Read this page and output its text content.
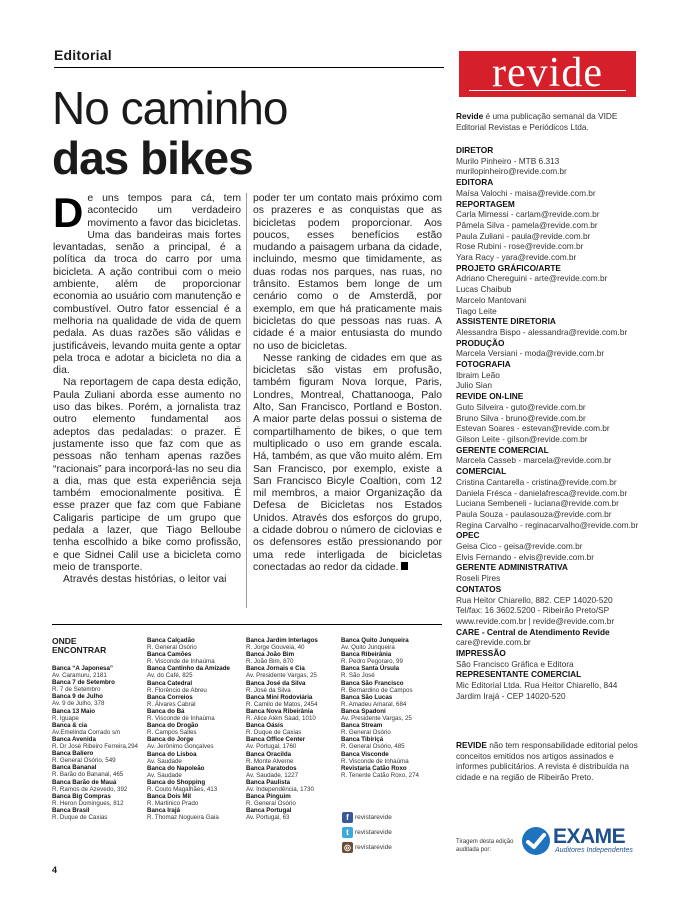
Editorial
No caminho
das bikes

De uns tempos para cá, tem acontecido um verdadeiro movimento a favor das bicicletas. Uma das bandeiras mais fortes levantadas, senão a principal, é a política da troca do carro por uma bicicleta. A ação contribui com o meio ambiente, além de proporcionar economia ao usuário com manutenção e combustível. Outro fator essencial é a melhoria na qualidade de vida de quem pedala. As duas razões são válidas e justificáveis, levando muita gente a optar pela troca e adotar a bicicleta no dia a dia.

Na reportagem de capa desta edição, Paula Zuliani aborda esse aumento no uso das bikes. Porém, a jornalista traz outro elemento fundamental aos adeptos das pedaladas: o prazer. É justamente isso que faz com que as pessoas não tenham apenas razões “racionais” para incorporá-las no seu dia a dia, mas que esta experiência seja também emocionalmente positiva. É esse prazer que faz com que Fabiane Caligaris participe de um grupo que pedala a lazer, que Tiago Belloube tenha escolhido a bike como profissão, e que Sidnei Calil use a bicicleta como meio de transporte.

Através destas histórias, o leitor vai

poder ter um contato mais próximo com os prazeres e as conquistas que as bicicletas podem proporcionar. Aos poucos, esses benefícios estão mudando a paisagem urbana da cidade, incluindo, mesmo que timidamente, as duas rodas nos parques, nas ruas, no trânsito. Estamos bem longe de um cenário como o de Amsterdã, por exemplo, em que há praticamente mais bicicletas do que pessoas nas ruas. A cidade é a maior entusiasta do mundo no uso de bicicletas.

Nesse ranking de cidades em que as bicicletas são vistas em profusão, também figuram Nova Iorque, Paris, Londres, Montreal, Chattanooga, Palo Alto, San Francisco, Portland e Boston. A maior parte delas possui o sistema de compartilhamento de bikes, o que tem multiplicado o uso em grande escala. Há, também, as que vão muito além. Em San Francisco, por exemplo, existe a San Francisco Bicyle Coaltion, com 12 mil membros, a maior Organização da Defesa de Bicicletas nos Estados Unidos. Através dos esforços do grupo, a cidade dobrou o número de ciclovias e os defensores estão pressionando por uma rede interligada de bicicletas conectadas ao redor da cidade.

ONDE ENCONTRAR
Banca “A Japonesa”
Av. Caramuru, 2181
Banca 7 de Setembro
R. 7 de Setembro
Banca 9 de Julho
Av. 9 de Julho, 378
Banca 13 Maio
R. Iguape
Banca & cia
Av.Emelinda Corrado s/n
Banca Avenida
R. Dr José Ribeiro Ferreira,294
Banca Baliero
R. General Osório, 549
Banca Bananal
R. Barão do Bananal, 465
Banca Barão de Mauá
R. Ramos de Azevedo, 392
Banca Big Compras
R. Heron Domingues, 812
Banca Brasil
R. Duque de Caxias
Banca Calçadão
R. General Osório
Banca Camões
R. Visconde de Inhaúma
Banca Cantinho da Amizade
Av. do Café, 825
Banca Catedral
R. Florêncio de Abreu
Banca Correios
R. Álvares Cabral
Banca do Bá
R. Visconde de Inhaúma
Banca do Drogão
R. Campos Salles
Banca do Jorge
Av. Jerônimo Gonçalves
Banca do Lisboa
Av. Saudade
Banca do Napoleão
Av. Saudade
Banca do Shopping
R. Couto Magalhães, 413
Banca Dois Mil
R. Martinico Prado
Banca Irajá
R. Thomaz Nogueira Gaia
Banca Jardim Interlagos
R. Jorge Gouveia, 40
Banca João Bim
R. João Bim, 870
Banca Jornais e Cia
Av. Presidente Vargas, 25
Banca José da Silva
R. José da Silva
Banca Mini Rodoviária
R. Camilo de Matos, 2454
Banca Nova Ribeirânia
R. Alice Além Saad, 1010
Banca Oásis
R. Duque de Caxias
Banca Office Center
Av. Portugal, 1760
Banca Oracilda
R. Monte Alverne
Banca Paratodos
Av. Saudade, 1227
Banca Paulista
Av. Independência, 1730
Banca Pinguim
R. General Osório
Banca Portugal
Av. Portugal, 63
Banca Quito Junqueira
Av. Quito Junqueira
Banca Ribeirânia
R. Pedro Pegoraro, 99
Banca Santa Úrsula
R. São José
Banca São Francisco
R. Bernardino de Campos
Banca São Lucas
R. Amadeu Amaral, 684
Banca Spadoni
Av. Presidente Vargas, 25
Banca Stream
R. General Osório
Banca Tibiriçá
R. General Osório, 485
Banca Visconde
R. Visconde de Inhaúma
Revistaria Catão Roxo
R. Tenente Catão Roxo, 274
f revistarevide
t revistarevide
◎ revistarevide
revide
Revide é uma publicação semanal da VIDE Editorial Revistas e Periódicos Ltda.
DIRETOR
Murilo Pinheiro - MTB 6.313
murilopinheiro@revide.com.br
EDITORA
Maísa Valochi - maisa@revide.com.br
REPORTAGEM
Carla Mimessi - carlam@revide.com.br
Pâmela Silva - pamela@revide.com.br
Paula Zuliani - paula@revide.com.br
Rose Rubini - rose@revide.com.br
Yara Racy - yara@revide.com.br
PROJETO GRÁFICO/ARTE
Adriano Chereguini - arte@revide.com.br
Lucas Chaibub
Marcelo Mantovani
Tiago Leite
ASSISTENTE DIRETORIA
Alessandra Bispo - alessandra@revide.com.br
PRODUÇÃO
Marcela Versiani - moda@revide.com.br
FOTOGRAFIA
Ibraim Leão
Julio Sian
REVIDE ON-LINE
Guto Silveira - guto@revide.com.br
Bruno Silva - bruno@revide.com.br
Estevan Soares - estevan@revide.com.br
Gilson Leite - gilson@revide.com.br
GERENTE COMERCIAL
Marcela Casseb - marcela@revide.com.br
COMERCIAL
Cristina Cantarella - cristina@revide.com.br
Daniela Frésca - danielafresca@revide.com.br
Luciana Sembeneli - luciana@revide.com.br
Paula Souza - paulasouza@revide.com.br
Regina Carvalho - reginacarvalho@revide.com.br
OPEC
Geisa Cico - geisa@revide.com.br
Elvis Fernando - elvis@revide.com.br
GERENTE ADMINISTRATIVA
Roseli Pires
CONTATOS
Rua Heitor Chiarello, 882. CEP 14020-520
Tel/fax: 16 3602.5200 - Ribeirão Preto/SP
www.revide.com.br | revide@revide.com.br
CARE - Central de Atendimento Revide
care@revide.com.br
IMPRESSÃO
São Francisco Gráfica e Editora
REPRESENTANTE COMERCIAL
Mic Editorial Ltda. Rua Heitor Chiarello, 844
Jardim Irajá - CEP 14020-520
REVIDE não tem responsabilidade editorial pelos conceitos emitidos nos artigos assinados e informes publicitários. A revista é distribuída na cidade e na região de Ribeirão Preto.
Tiragem desta edição auditada por:
EXAME
Auditores Independentes
4
